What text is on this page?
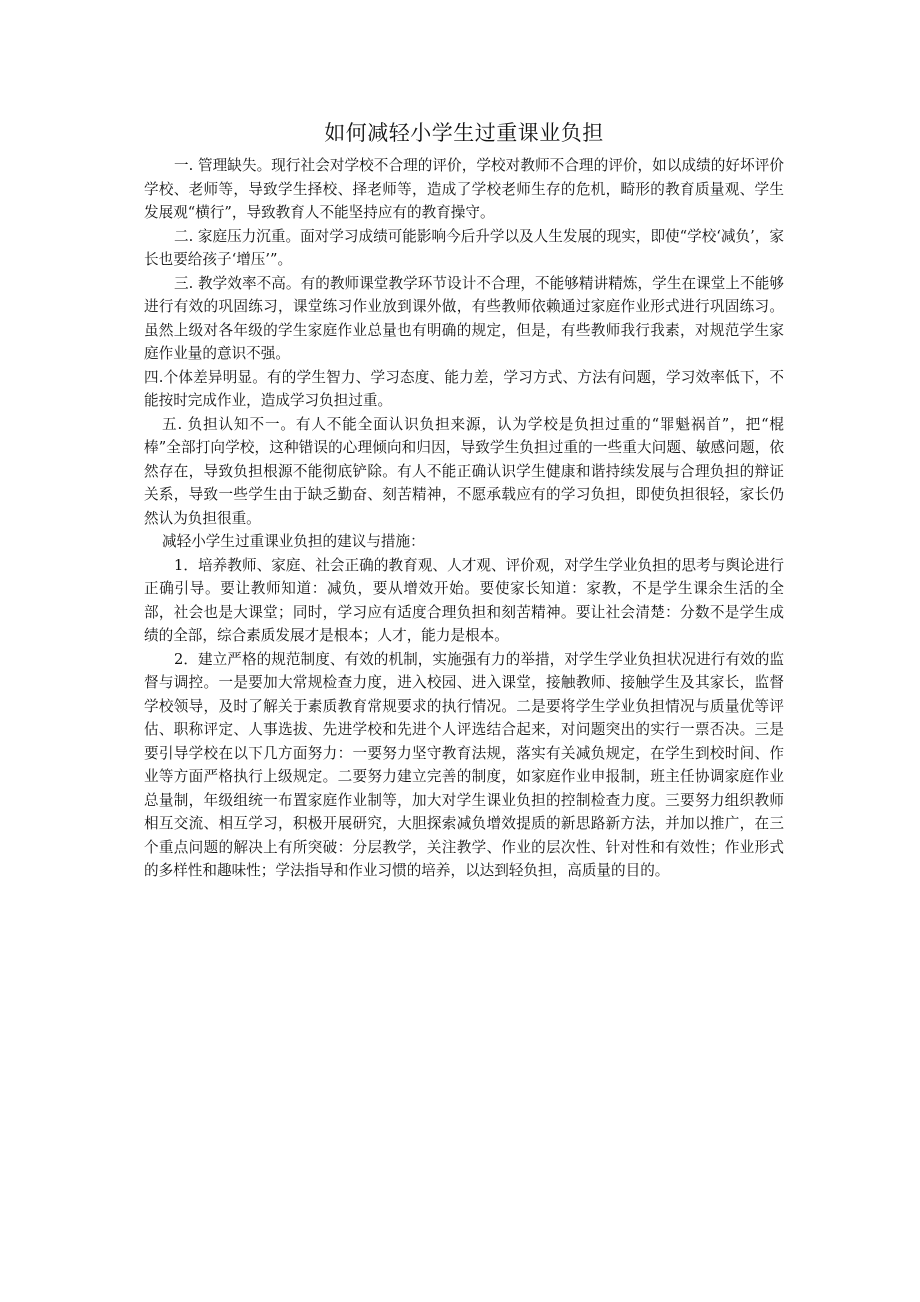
如何减轻小学生过重课业负担

一. 管理缺失。现行社会对学校不合理的评价，学校对教师不合理的评价，如以成绩的好坏评价学校、老师等，导致学生择校、择老师等，造成了学校老师生存的危机，畸形的教育质量观、学生发展观“横行”，导致教育人不能坚持应有的教育操守。

二. 家庭压力沉重。面对学习成绩可能影响今后升学以及人生发展的现实，即使“学校‘减负’，家长也要给孩子‘增压’”。

三. 教学效率不高。有的教师课堂教学环节设计不合理，不能够精讲精炼，学生在课堂上不能够进行有效的巩固练习，课堂练习作业放到课外做，有些教师依赖通过家庭作业形式进行巩固练习。虽然上级对各年级的学生家庭作业总量也有明确的规定，但是，有些教师我行我素，对规范学生家庭作业量的意识不强。

四.个体差异明显。有的学生智力、学习态度、能力差，学习方式、方法有问题，学习效率低下，不能按时完成作业，造成学习负担过重。

五. 负担认知不一。有人不能全面认识负担来源，认为学校是负担过重的“罪魁祸首”，把“棍棒”全部打向学校，这种错误的心理倾向和归因，导致学生负担过重的一些重大问题、敏感问题，依然存在，导致负担根源不能彻底铲除。有人不能正确认识学生健康和谐持续发展与合理负担的辩证关系，导致一些学生由于缺乏勤奋、刻苦精神，不愿承载应有的学习负担，即使负担很轻，家长仍然认为负担很重。

减轻小学生过重课业负担的建议与措施：

1．培养教师、家庭、社会正确的教育观、人才观、评价观，对学生学业负担的思考与舆论进行正确引导。要让教师知道：减负，要从增效开始。要使家长知道：家教，不是学生课余生活的全部，社会也是大课堂；同时，学习应有适度合理负担和刻苦精神。要让社会清楚：分数不是学生成绩的全部，综合素质发展才是根本；人才，能力是根本。

2．建立严格的规范制度、有效的机制，实施强有力的举措，对学生学业负担状况进行有效的监督与调控。一是要加大常规检查力度，进入校园、进入课堂，接触教师、接触学生及其家长，监督学校领导，及时了解关于素质教育常规要求的执行情况。二是要将学生学业负担情况与质量优等评估、职称评定、人事选拔、先进学校和先进个人评选结合起来，对问题突出的实行一票否决。三是要引导学校在以下几方面努力：一要努力坚守教育法规，落实有关减负规定，在学生到校时间、作业等方面严格执行上级规定。二要努力建立完善的制度，如家庭作业申报制，班主任协调家庭作业总量制，年级组统一布置家庭作业制等，加大对学生课业负担的控制检查力度。三要努力组织教师相互交流、相互学习，积极开展研究，大胆探索减负增效提质的新思路新方法，并加以推广，在三个重点问题的解决上有所突破：分层教学，关注教学、作业的层次性、针对性和有效性；作业形式的多样性和趣味性；学法指导和作业习惯的培养，以达到轻负担，高质量的目的。
